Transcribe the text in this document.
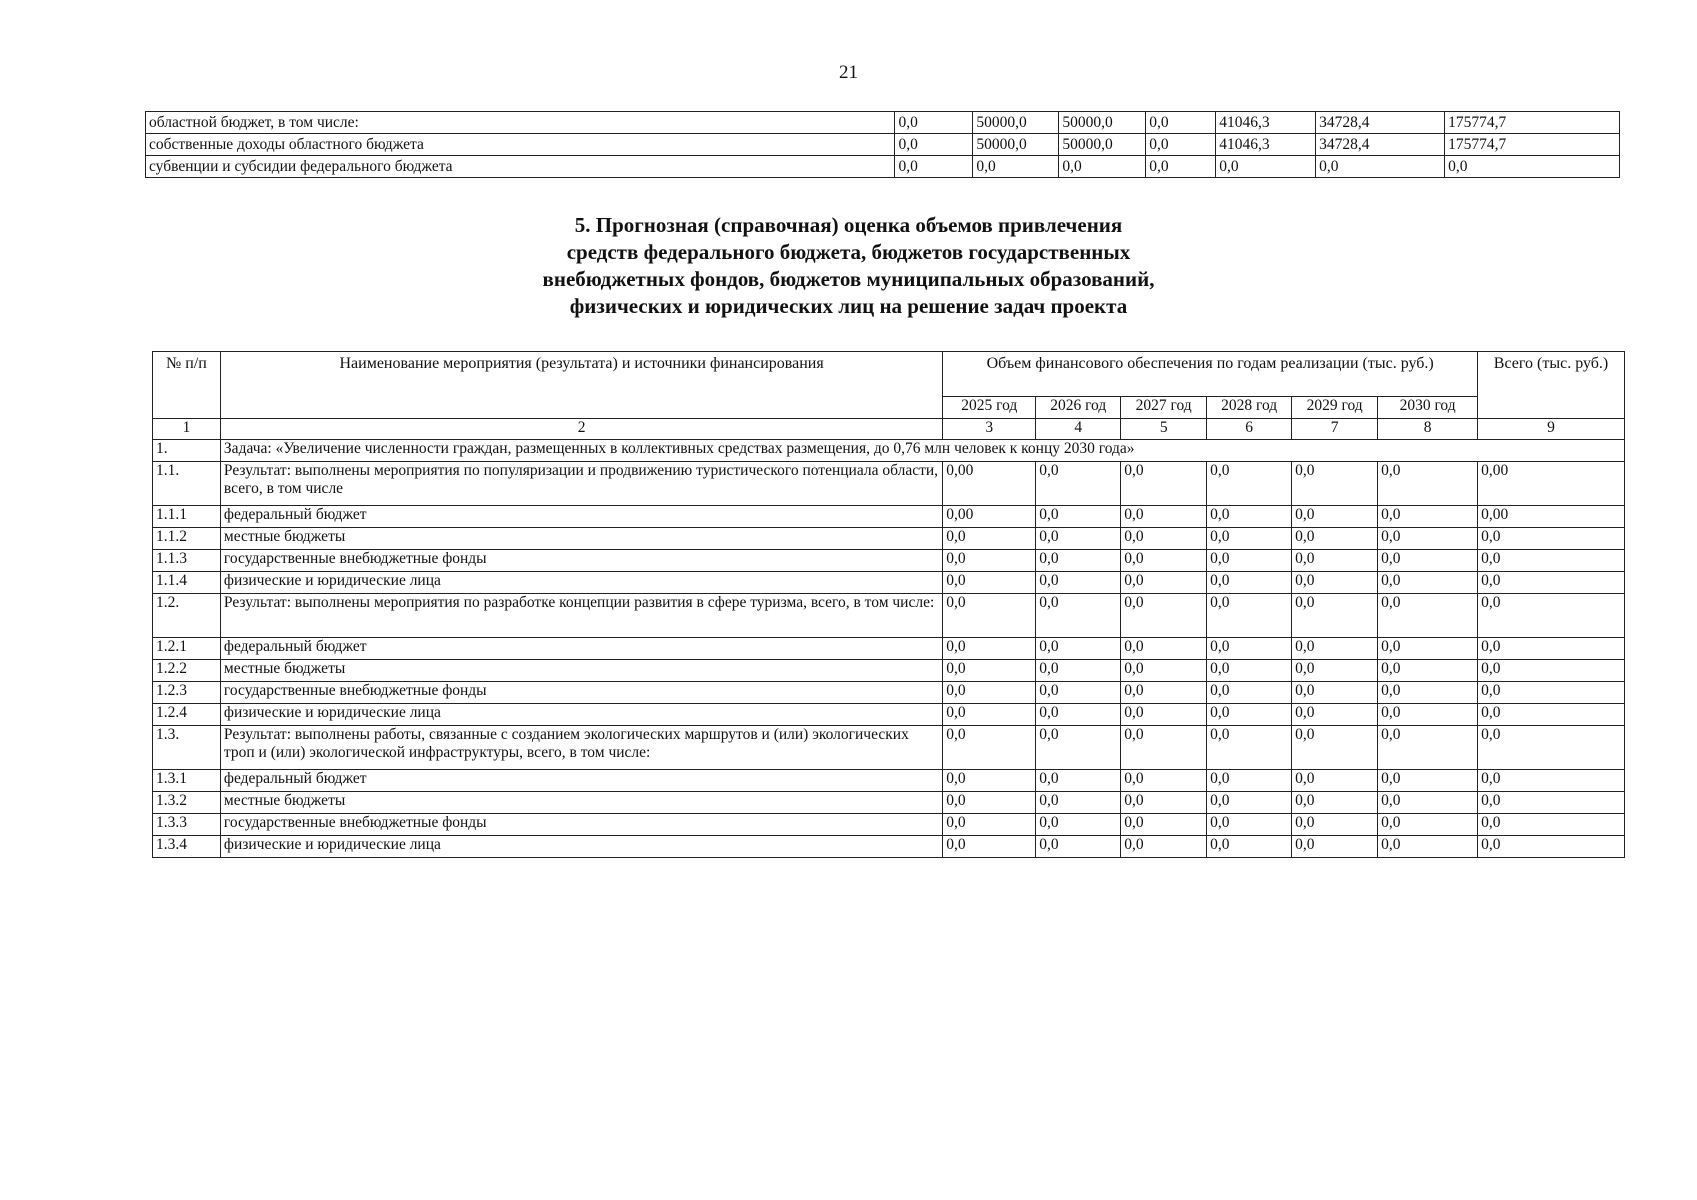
21
областной бюджет, в том числе:	0,0	50000,0	50000,0	0,0	41046,3	34728,4	175774,7
собственные доходы областного бюджета	0,0	50000,0	50000,0	0,0	41046,3	34728,4	175774,7
субвенции и субсидии федерального бюджета	0,0	0,0	0,0	0,0	0,0	0,0	0,0
5. Прогнозная (справочная) оценка объемов привлечения
средств федерального бюджета, бюджетов государственных
внебюджетных фондов, бюджетов муниципальных образований,
физических и юридических лиц на решение задач проекта
№ п/п	Наименование мероприятия (результата) и источники финансирования	Объем финансового обеспечения по годам реализации (тыс. руб.)						Всего (тыс. руб.)
		2025 год	2026 год	2027 год	2028 год	2029 год	2030 год	
1	2	3	4	5	6	7	8	9
1.	Задача: «Увеличение численности граждан, размещенных в коллективных средствах размещения, до 0,76 млн человек к концу 2030 года»							
1.1.	Результат: выполнены мероприятия по популяризации и продвижению туристического потенциала области, всего, в том числе	0,00	0,0	0,0	0,0	0,0	0,0	0,00
1.1.1	федеральный бюджет	0,00	0,0	0,0	0,0	0,0	0,0	0,00
1.1.2	местные бюджеты	0,0	0,0	0,0	0,0	0,0	0,0	0,0
1.1.3	государственные внебюджетные фонды	0,0	0,0	0,0	0,0	0,0	0,0	0,0
1.1.4	физические и юридические лица	0,0	0,0	0,0	0,0	0,0	0,0	0,0
1.2.	Результат: выполнены мероприятия по разработке концепции развития в сфере туризма, всего, в том числе:	0,0	0,0	0,0	0,0	0,0	0,0	0,0
1.2.1	федеральный бюджет	0,0	0,0	0,0	0,0	0,0	0,0	0,0
1.2.2	местные бюджеты	0,0	0,0	0,0	0,0	0,0	0,0	0,0
1.2.3	государственные внебюджетные фонды	0,0	0,0	0,0	0,0	0,0	0,0	0,0
1.2.4	физические и юридические лица	0,0	0,0	0,0	0,0	0,0	0,0	0,0
1.3.	Результат: выполнены работы, связанные с созданием экологических маршрутов и (или) экологических троп и (или) экологической инфраструктуры, всего, в том числе:	0,0	0,0	0,0	0,0	0,0	0,0	0,0
1.3.1	федеральный бюджет	0,0	0,0	0,0	0,0	0,0	0,0	0,0
1.3.2	местные бюджеты	0,0	0,0	0,0	0,0	0,0	0,0	0,0
1.3.3	государственные внебюджетные фонды	0,0	0,0	0,0	0,0	0,0	0,0	0,0
1.3.4	физические и юридические лица	0,0	0,0	0,0	0,0	0,0	0,0	0,0
